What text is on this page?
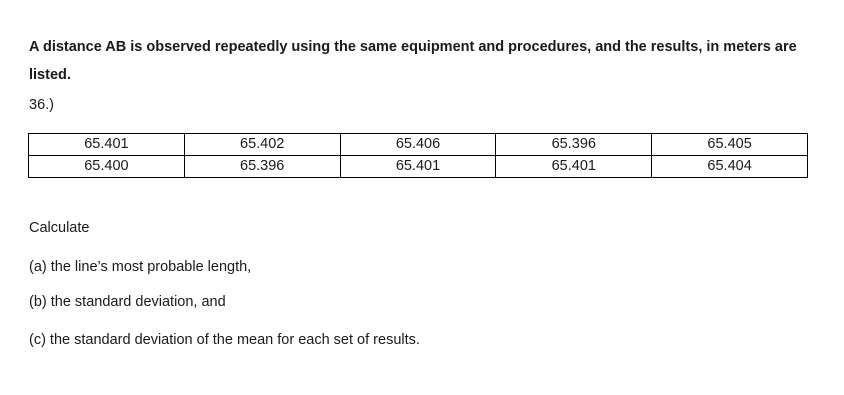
A distance AB is observed repeatedly using the same equipment and procedures, and the results, in meters are listed.

36.)

65.401	65.402	65.406	65.396	65.405
65.400	65.396	65.401	65.401	65.404

Calculate

(a) the line’s most probable length,

(b) the standard deviation, and

(c) the standard deviation of the mean for each set of results.
